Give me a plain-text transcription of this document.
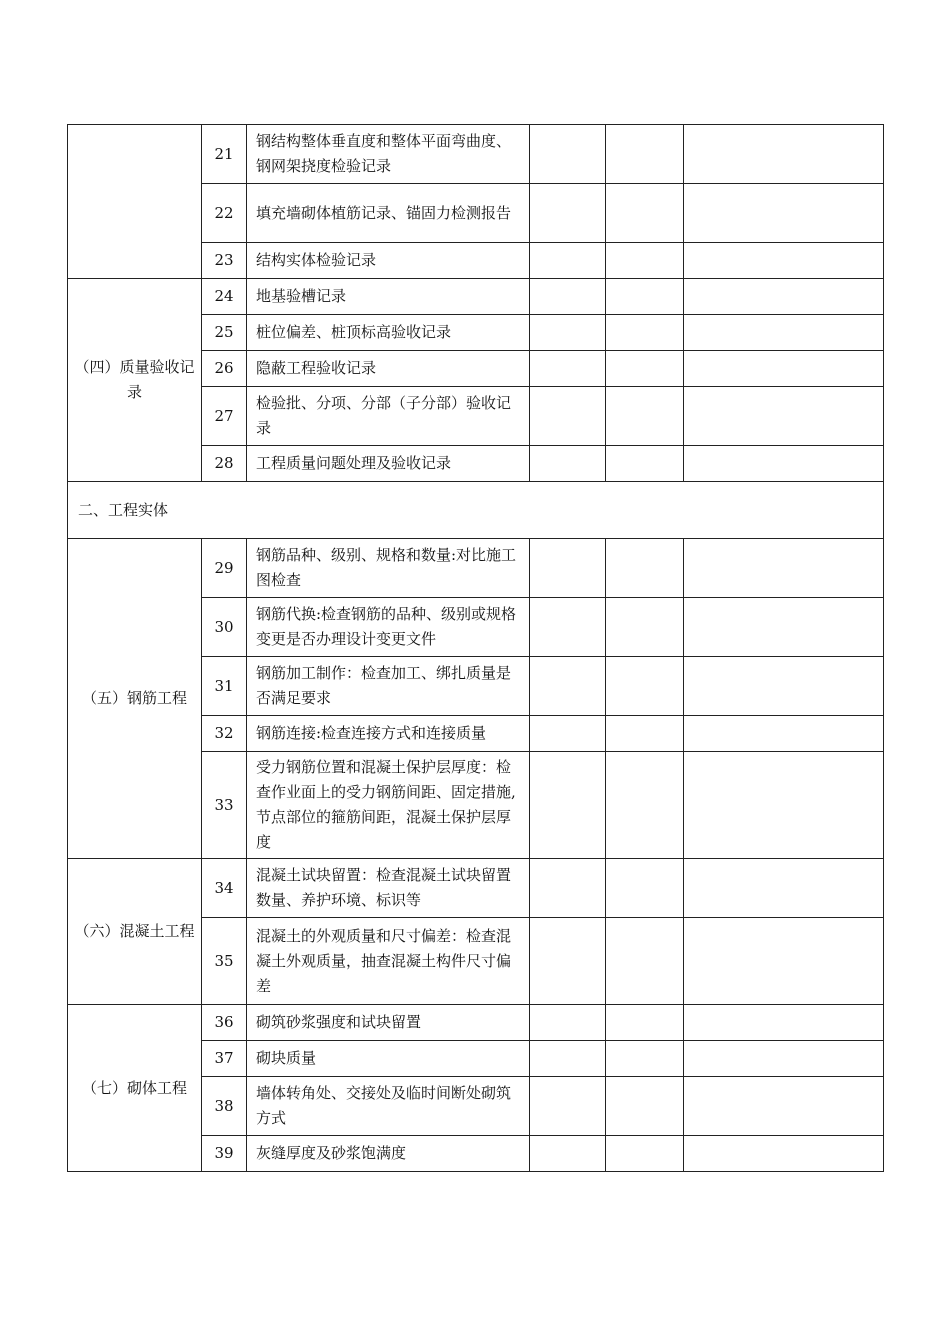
	21	钢结构整体垂直度和整体平面弯曲度、钢网架挠度检验记录			
	22	填充墙砌体植筋记录、锚固力检测报告			
	23	结构实体检验记录			
（四）质量验收记录	24	地基验槽记录			
	25	桩位偏差、桩顶标高验收记录			
	26	隐蔽工程验收记录			
	27	检验批、分项、分部（子分部）验收记录			
	28	工程质量问题处理及验收记录			
二、工程实体					
（五）钢筋工程	29	钢筋品种、级别、规格和数量:对比施工图检查			
	30	钢筋代换:检查钢筋的品种、级别或规格变更是否办理设计变更文件			
	31	钢筋加工制作：检查加工、绑扎质量是否满足要求			
	32	钢筋连接:检查连接方式和连接质量			
	33	受力钢筋位置和混凝土保护层厚度：检查作业面上的受力钢筋间距、固定措施,节点部位的箍筋间距，混凝土保护层厚度			
（六）混凝土工程	34	混凝土试块留置：检查混凝土试块留置数量、养护环境、标识等			
	35	混凝土的外观质量和尺寸偏差：检查混凝土外观质量，抽查混凝土构件尺寸偏差			
（七）砌体工程	36	砌筑砂浆强度和试块留置			
	37	砌块质量			
	38	墙体转角处、交接处及临时间断处砌筑方式			
	39	灰缝厚度及砂浆饱满度			
